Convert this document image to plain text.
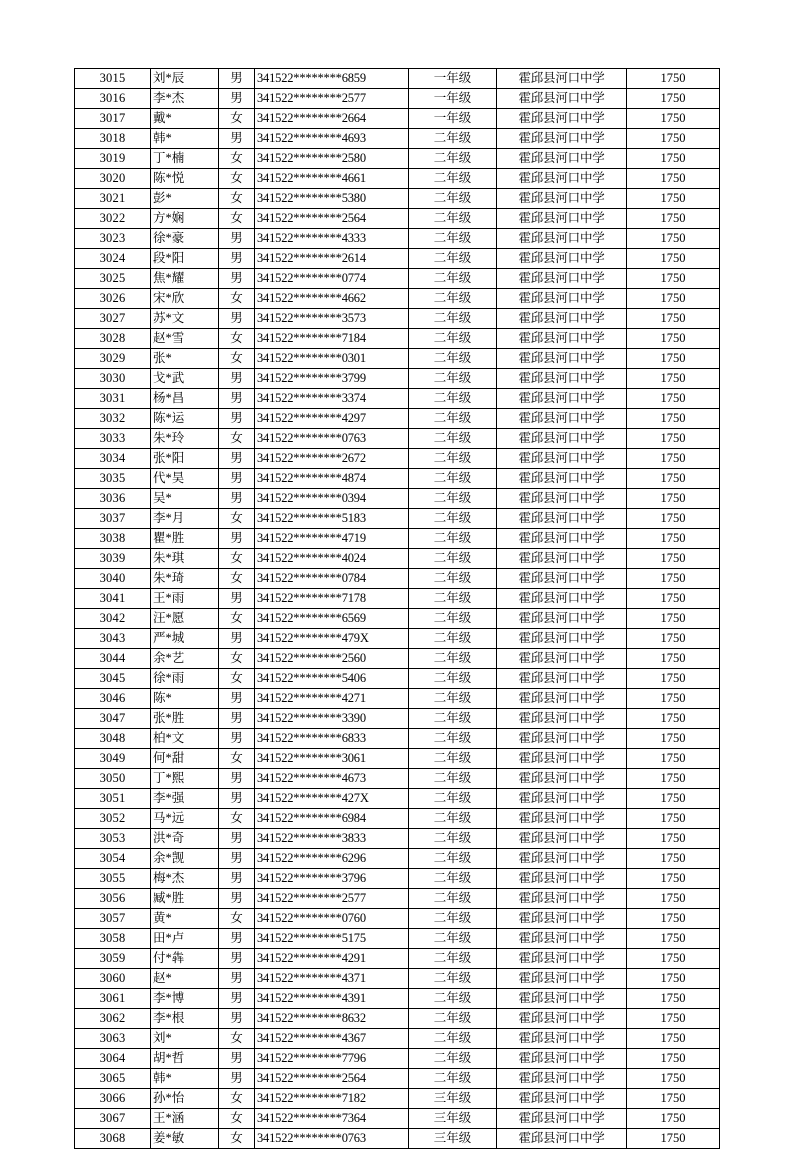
3015	刘*辰	男	341522********6859	一年级	霍邱县河口中学	1750
3016	李*杰	男	341522********2577	一年级	霍邱县河口中学	1750
3017	戴*	女	341522********2664	一年级	霍邱县河口中学	1750
3018	韩*	男	341522********4693	二年级	霍邱县河口中学	1750
3019	丁*楠	女	341522********2580	二年级	霍邱县河口中学	1750
3020	陈*悦	女	341522********4661	二年级	霍邱县河口中学	1750
3021	彭*	女	341522********5380	二年级	霍邱县河口中学	1750
3022	方*娴	女	341522********2564	二年级	霍邱县河口中学	1750
3023	徐*豪	男	341522********4333	二年级	霍邱县河口中学	1750
3024	段*阳	男	341522********2614	二年级	霍邱县河口中学	1750
3025	焦*耀	男	341522********0774	二年级	霍邱县河口中学	1750
3026	宋*欣	女	341522********4662	二年级	霍邱县河口中学	1750
3027	苏*文	男	341522********3573	二年级	霍邱县河口中学	1750
3028	赵*雪	女	341522********7184	二年级	霍邱县河口中学	1750
3029	张*	女	341522********0301	二年级	霍邱县河口中学	1750
3030	戈*武	男	341522********3799	二年级	霍邱县河口中学	1750
3031	杨*昌	男	341522********3374	二年级	霍邱县河口中学	1750
3032	陈*运	男	341522********4297	二年级	霍邱县河口中学	1750
3033	朱*玲	女	341522********0763	二年级	霍邱县河口中学	1750
3034	张*阳	男	341522********2672	二年级	霍邱县河口中学	1750
3035	代*昊	男	341522********4874	二年级	霍邱县河口中学	1750
3036	吴*	男	341522********0394	二年级	霍邱县河口中学	1750
3037	李*月	女	341522********5183	二年级	霍邱县河口中学	1750
3038	瞿*胜	男	341522********4719	二年级	霍邱县河口中学	1750
3039	朱*琪	女	341522********4024	二年级	霍邱县河口中学	1750
3040	朱*琦	女	341522********0784	二年级	霍邱县河口中学	1750
3041	王*雨	男	341522********7178	二年级	霍邱县河口中学	1750
3042	汪*愿	女	341522********6569	二年级	霍邱县河口中学	1750
3043	严*城	男	341522********479X	二年级	霍邱县河口中学	1750
3044	余*艺	女	341522********2560	二年级	霍邱县河口中学	1750
3045	徐*雨	女	341522********5406	二年级	霍邱县河口中学	1750
3046	陈*	男	341522********4271	二年级	霍邱县河口中学	1750
3047	张*胜	男	341522********3390	二年级	霍邱县河口中学	1750
3048	柏*文	男	341522********6833	二年级	霍邱县河口中学	1750
3049	何*甜	女	341522********3061	二年级	霍邱县河口中学	1750
3050	丁*熙	男	341522********4673	二年级	霍邱县河口中学	1750
3051	李*强	男	341522********427X	二年级	霍邱县河口中学	1750
3052	马*远	女	341522********6984	二年级	霍邱县河口中学	1750
3053	洪*奇	男	341522********3833	二年级	霍邱县河口中学	1750
3054	余*觊	男	341522********6296	二年级	霍邱县河口中学	1750
3055	梅*杰	男	341522********3796	二年级	霍邱县河口中学	1750
3056	臧*胜	男	341522********2577	二年级	霍邱县河口中学	1750
3057	黄*	女	341522********0760	二年级	霍邱县河口中学	1750
3058	田*卢	男	341522********5175	二年级	霍邱县河口中学	1750
3059	付*犇	男	341522********4291	二年级	霍邱县河口中学	1750
3060	赵*	男	341522********4371	二年级	霍邱县河口中学	1750
3061	李*博	男	341522********4391	二年级	霍邱县河口中学	1750
3062	李*根	男	341522********8632	二年级	霍邱县河口中学	1750
3063	刘*	女	341522********4367	二年级	霍邱县河口中学	1750
3064	胡*哲	男	341522********7796	二年级	霍邱县河口中学	1750
3065	韩*	男	341522********2564	二年级	霍邱县河口中学	1750
3066	孙*怡	女	341522********7182	三年级	霍邱县河口中学	1750
3067	王*涵	女	341522********7364	三年级	霍邱县河口中学	1750
3068	姜*敏	女	341522********0763	三年级	霍邱县河口中学	1750
